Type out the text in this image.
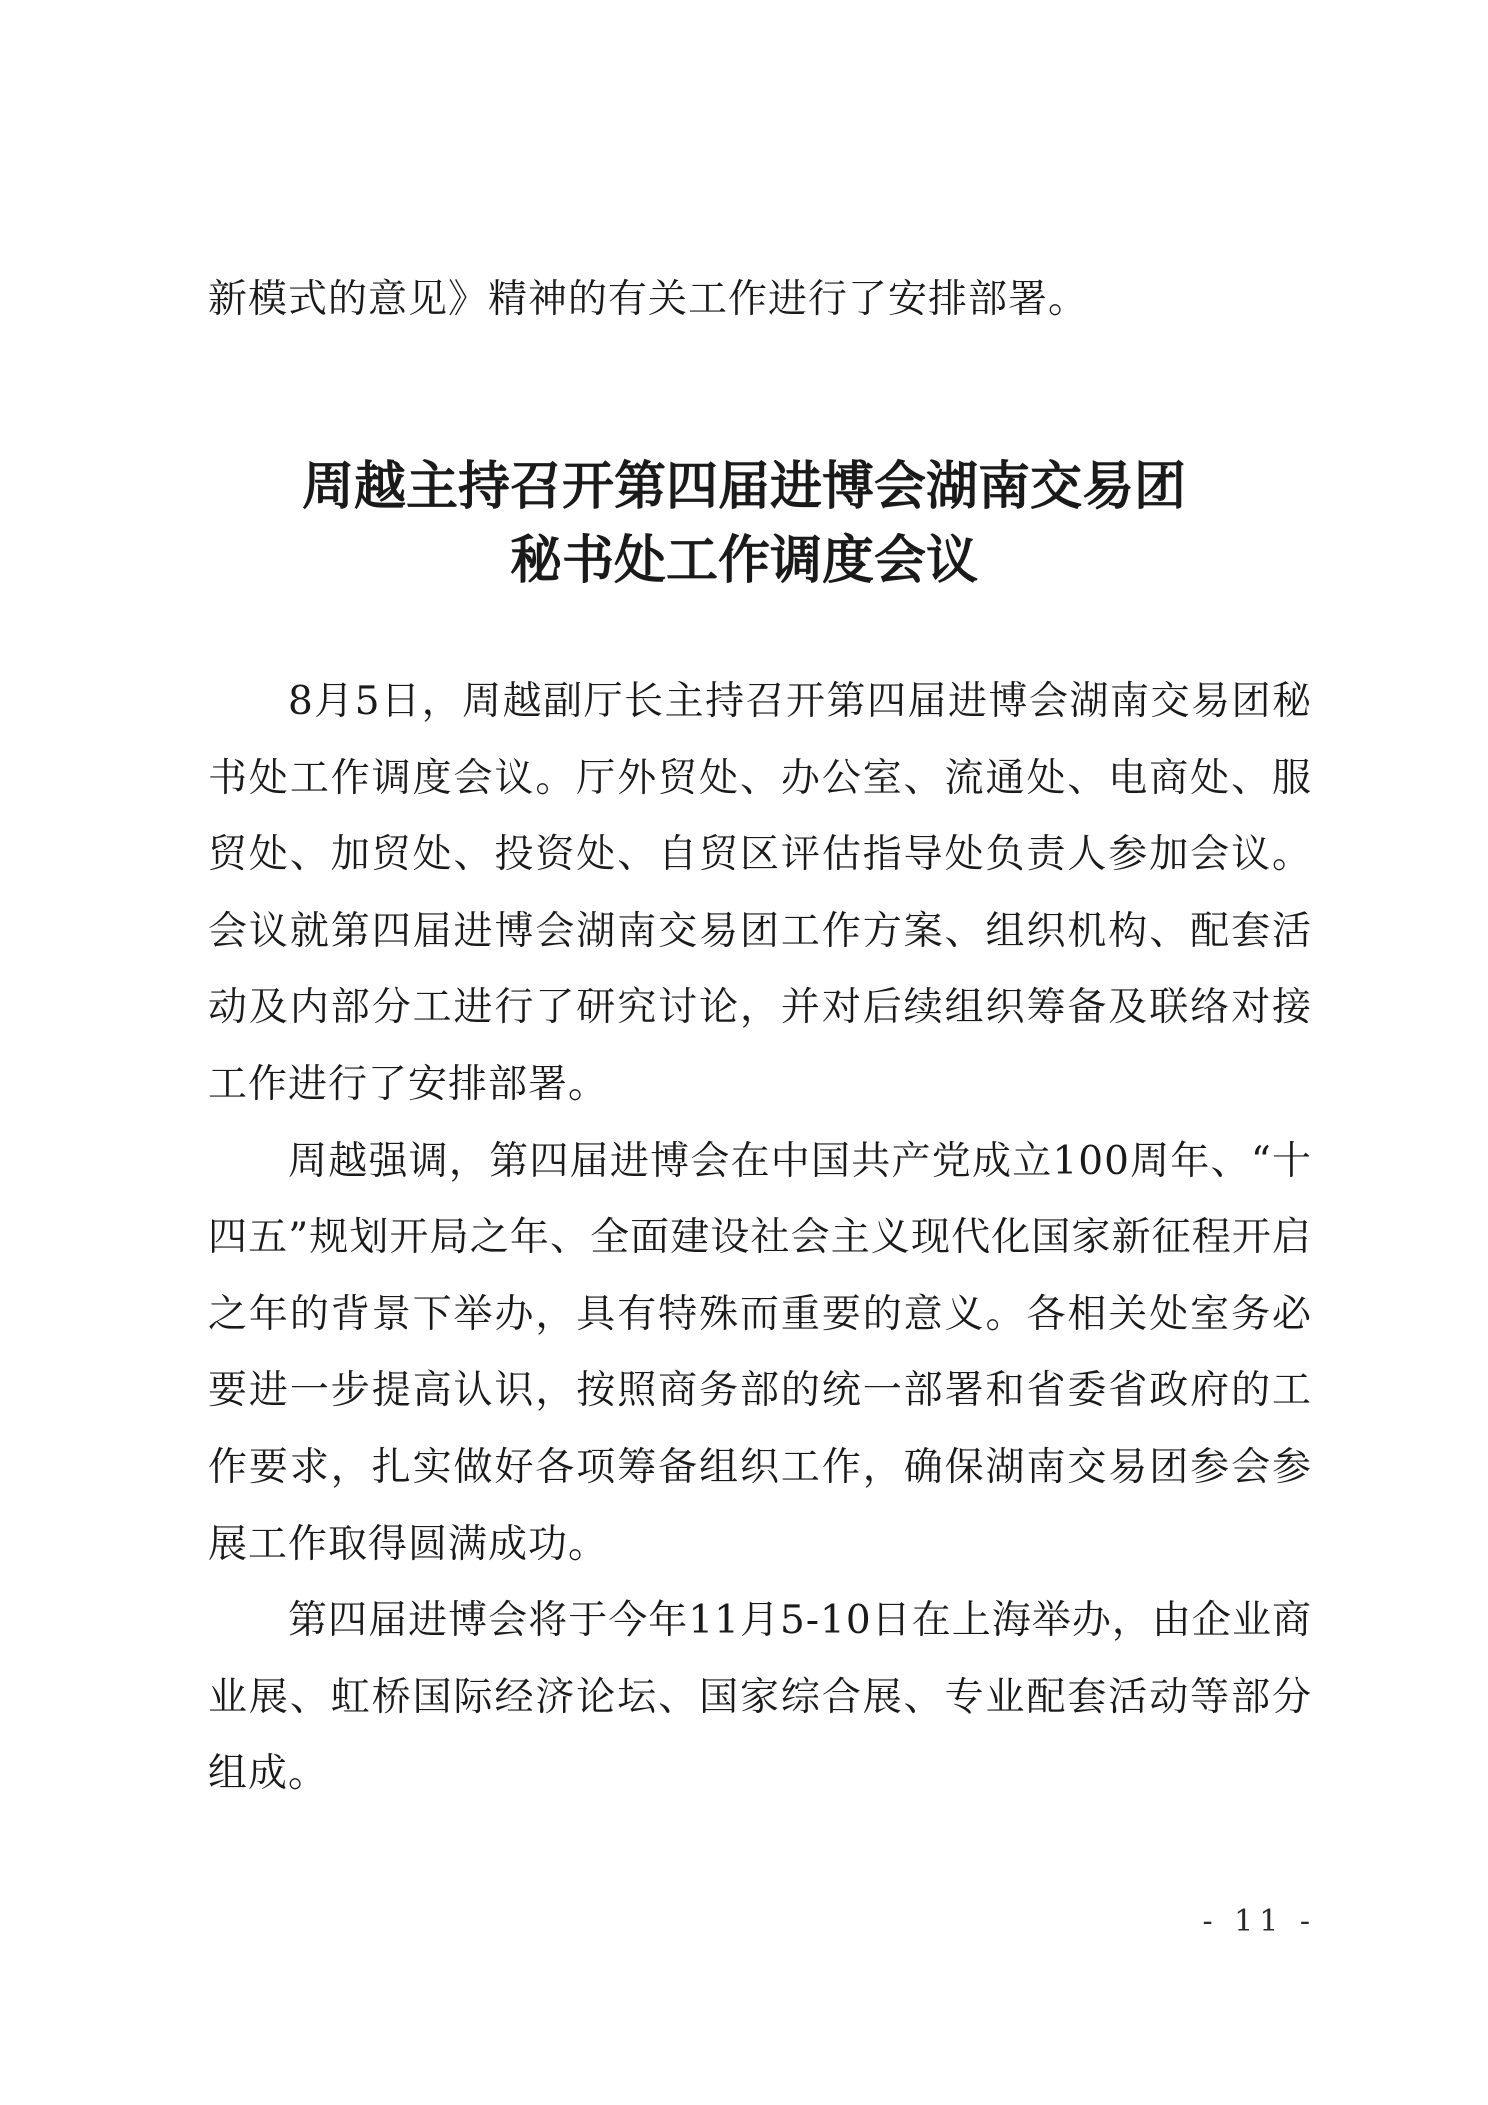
新模式的意见》精神的有关工作进行了安排部署。
周越主持召开第四届进博会湖南交易团
秘书处工作调度会议

8月5日，周越副厅长主持召开第四届进博会湖南交易团秘书处工作调度会议。厅外贸处、办公室、流通处、电商处、服贸处、加贸处、投资处、自贸区评估指导处负责人参加会议。会议就第四届进博会湖南交易团工作方案、组织机构、配套活动及内部分工进行了研究讨论，并对后续组织筹备及联络对接工作进行了安排部署。

周越强调，第四届进博会在中国共产党成立100周年、“十四五”规划开局之年、全面建设社会主义现代化国家新征程开启之年的背景下举办，具有特殊而重要的意义。各相关处室务必要进一步提高认识，按照商务部的统一部署和省委省政府的工作要求，扎实做好各项筹备组织工作，确保湖南交易团参会参展工作取得圆满成功。

第四届进博会将于今年11月5-10日在上海举办，由企业商业展、虹桥国际经济论坛、国家综合展、专业配套活动等部分组成。

- 11 -
